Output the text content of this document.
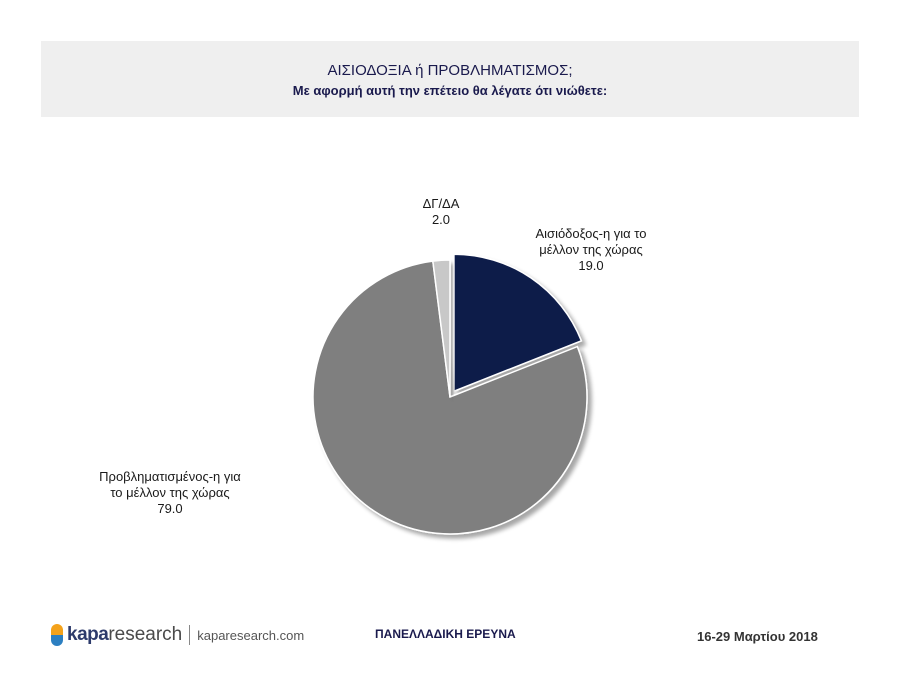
ΑΙΣΙΟΔΟΞΙΑ ή ΠΡΟΒΛΗΜΑΤΙΣΜΟΣ;
Με αφορμή αυτή την επέτειο θα λέγατε ότι νιώθετε:
Αισιόδοξος-η για το μέλλον της χώρας 19.0
Προβληματισμένος-η για το μέλλον της χώρας 79.0
ΔΓ/ΔΑ 2.0
kapa research kaparesearch.com	ΠΑΝΕΛΛΑΔΙΚΗ ΕΡΕΥΝΑ	16-29 Μαρτίου 2018
